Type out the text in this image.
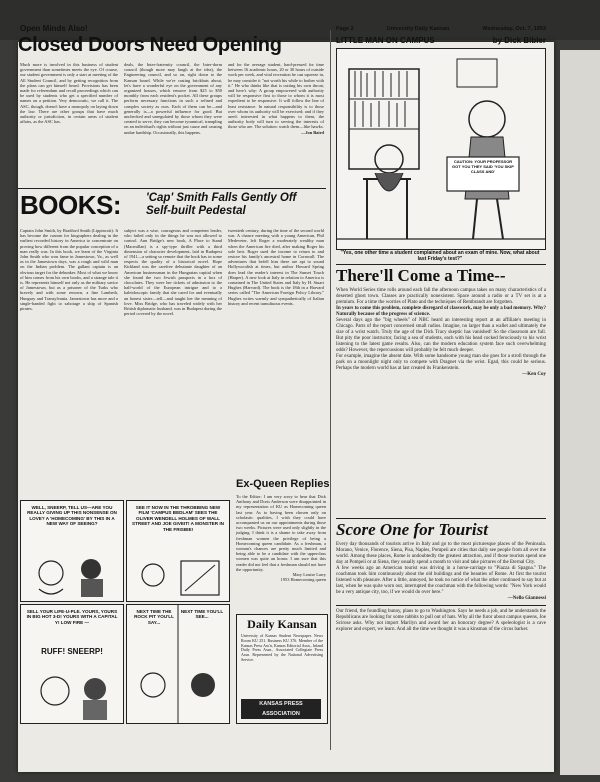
Open Minds Also!
Closed Doors Need Opening

Much more is involved in this business of student government than sometimes meets the eye. Of course, our student government is only a start at meeting of the All Student Council, and by getting recognition from the plans can get himself heard. Provisions has been made for referendum and recall proceedings which can be used by students who get a specified number of names on a petition. Very democratic, we call it. The ASC, though, doesn't have a monopoly on laying down the law. There are other groups that have much authority or jurisdiction, in certain areas of student affairs, as the ASC has.

deals, the Inter-fraternity council, the Inter-dorm council (though more may laugh at the idea), the Engineering council, and so on, right down to the Kansan board. While we're casting brickbats about, let's have a wonderful eye on the government of any organized houses, which remove from $25 to $50 monthly from each resident's pocket. All these groups perform necessary functions in such a refined and complex society as ours. Each of them can be—and generally is—a powerful influence for good. But unchecked and unregulated by those whom they were created to serve, they can become tyrannical, trampling on an individual's rights without just cause and causing undue hardship. Occasionally, this happens.

and for the average student, hard-pressed for time between 16 academic hours, 20 or 30 hours of outside work per week, and vital recreation he can squeeze in, he may consider it "not worth his while to bother with it." He who thinks like that is cutting his own throat, and here's why: A group empowered with authority will be responsive first to those to whom it is most expedient to be responsive. It will follow the line of least resistance. In natural responsibility is to those over whom its authority will be exercised; and if they aren't interested in what happens to them, the authority body will turn to serving the interests of those who are. The solution: watch them—like hawks.

—Jon Baird

BOOKS: 'Cap' Smith Falls Gently Off Self-built Pedestal

Captain John Smith, by Bradford Smith (Lippincott): It has become the custom for biographers dealing in the earliest recorded history in America to concentrate on proving how different from the popular conception of a man really was. In this book, we learn of the Virginia John Smith who won fame in Jamestown, Va., as well as in the Jamestown days, was a rough and wild man on the Indian problem. The gallant captain is an obvious target for the debunker. Most of what we know of him comes from his own books, and a strange tale it is. He represents himself not only as the military savior of Jamestown, but as a prisoner of the Turks who bravely and with some renown, a fine Lambeth, Hungary and Transylvania. Jamestown has more and a single-handed fight to sabotage a ship of Spanish pirates.

subject was a wise, courageous and competent leader, who failed only in the things he was not allowed to control. Ann Bridge's new book, A Place to Stand (Macmillan) is a spy-type thriller with a third dimension of character development, laid in Budapest of 1941—a setting so remote that the book has in some respects the quality of a historical novel. Hope Kirkland was the carefree debutante daughter of an American businessman in the Hungarian capital when she found the two Jewish passports in a box of chocolates. They were her tickets of admission to the half-world of the European intrigue and to a kaleidoscopic family that she cared for and eventually an honest sister—tell—and taught her the meaning of love. Miss Bridge, who has traveled widely with her British diplomatic husband, was in Budapest during the period covered by the novel.

twentieth century, during the time of the second world war. A chance meeting with a young American, Phil Medeveter, left Roger a moderately wealthy man when the American fire died, after making Roger his sole heir. Roger used the income to return to and restore his family's ancestral home in Cornwall. The adventures that befell him there are apt to sound Hollywoodish at times, but author Howard Spring does lead the reader's interest in The Sunset Touch (Harper). A new look at Italy in relation to America is contained in The United States and Italy by H. Stuart Hughes (Harvard). The book is the 18th in a Harvard series called "The American Foreign Policy Library." Hughes writes warmly and sympathetically of Italian history and recent tumultuous events.

Ex-Queen Replies

To the Editor: I am very sorry to hear that Dick Anthony and Doris Anderson were disappointed in my representation of KU as Homecoming queen last year. As to having been chosen only on scholastic qualities, I wish they could have accompanied us on our appointments during those two weeks. Pictures were used only slightly in the judging. I think it is a shame to take away from freshman women the privilege of being a Homecoming queen candidate. As a freshman, a woman's chances are pretty much limited and being able to be a candidate with the upperclass women was quite an honor. I am sure that this reader did not feel that a freshman should not have the opportunity.

Mary Louise Larry

1953 Homecoming queen

WELL, SNEERP, TELL US—ARE YOU REALLY GIVING UP THIS NONSENSE ON LOVE? A 'HOMECOMING' BY THIS IN A NEW WAY OF SEEING?
SEE IT NOW IN THE THROBBING NEW FILM 'CAMPUS BEDLAM' SEES THE OLIVER WENDELL HOLMES OF WALL STREET AND JOE GIVEIT! A MONSTER IN THE FRISBIE!
SELL YOUR LIFE-U-PLE. YOURS, YOURS IN BIG HOT 3-D! YOURS WITH A CAPITAL Y! LOW FIRE —
RUFF! SNEERP!
NEXT TIME THE ROCK PIT YOU'LL SAY...
NEXT TIME YOU'LL SEE...
Daily Kansan

University of Kansas Student Newspaper. News Room KU 251. Business KU 376. Member of the Kansas Press Ass'n, Kansas Editorial Assn., Inland Daily Press Assn., Associated Collegiate Press Assn. Represented by the National Advertising Service.

KANSAS PRESS ASSOCIATION
Page 2	University Daily Kansan	Wednesday, Oct. 7, 1953
LITTLE MAN ON CAMPUS	by Dick Bibler
CAUTION: YOUR PROFESSOR GOT YOU THEY SAID 'YOU SKIP CLASS AND'
"Yes, one other time a student complained about an exam of mine. Now, what about last Friday's test?"
There'll Come a Time--

When World Series time rolls around each fall the afternoon campus takes on many characteristics of a deserted ghost town. Classes are practically nonexistent. Space around a radio or a TV set is at a premium. For a time the worries of Plato and the techniques of Rembrandt are forgotten.

In years to come this problem, complete disregard of classwork, may be only a bad memory. Why? Naturally because of the progress of science.

Several days ago the "big wheels" of NBC heard an interesting report at an affiliate's meeting in Chicago. Parts of the report concerned small radios. Imagine, no larger than a wallet and ultimately the size of a wrist watch. Truly the age of the Dick Tracy skeptic has vanished! So the classroom are full. But pity the poor instructor, facing a sea of students, each with his head cocked ferociously to his wrist listening to the latest game results. Also, can the modern education system face such overwhelming odds? However, the repercussions will probably be felt much deeper.

For example, imagine the absent date. With some handsome young man she goes for a stroll through the park on a moonlight night only to compete with Dragnet via the wrist. Egad, this could be serious. Perhaps the modern world has at last created its Frankenstein.

—Ken Coy

Score One for Tourist

Every day thousands of tourists arrive in Italy and go to the most picturesque places of the Peninsula. Morano, Venice, Florence, Siena, Pisa, Naples, Pompeii are cities that daily see people from all over the world. Among these places, Rome is undoubtedly the greatest attraction, and if those tourists spend one day at Pompeii or at Siena, they usually spend a month to visit and take pictures of the Eternal City.

A few weeks ago an American tourist was driving in a horse-carriage to "Piazza di Spagna." The coachman took him continuously about the old buildings and the beauties of Rome. At first the tourist listened with pleasure. After a little, annoyed, he took no notice of what the other continued to say but at last, when he was quite worn out, interrupted the coachman with the following words: "New York would be a very antique city, too, if we would do over here."

—Nello Giannessi

Our friend, the foundling bunny, plans to go to Washington. Says he needs a job, and he understands the Republicans are looking for some rabbits to pull out of hats. Why all the furor about campus queens, Joe Scirose asks. Why not import Marilyn and award her an honorary degree? A speleologist is a cave explorer and expert, we learn. And all the time we thought it was a kinsman of the circus barker.
